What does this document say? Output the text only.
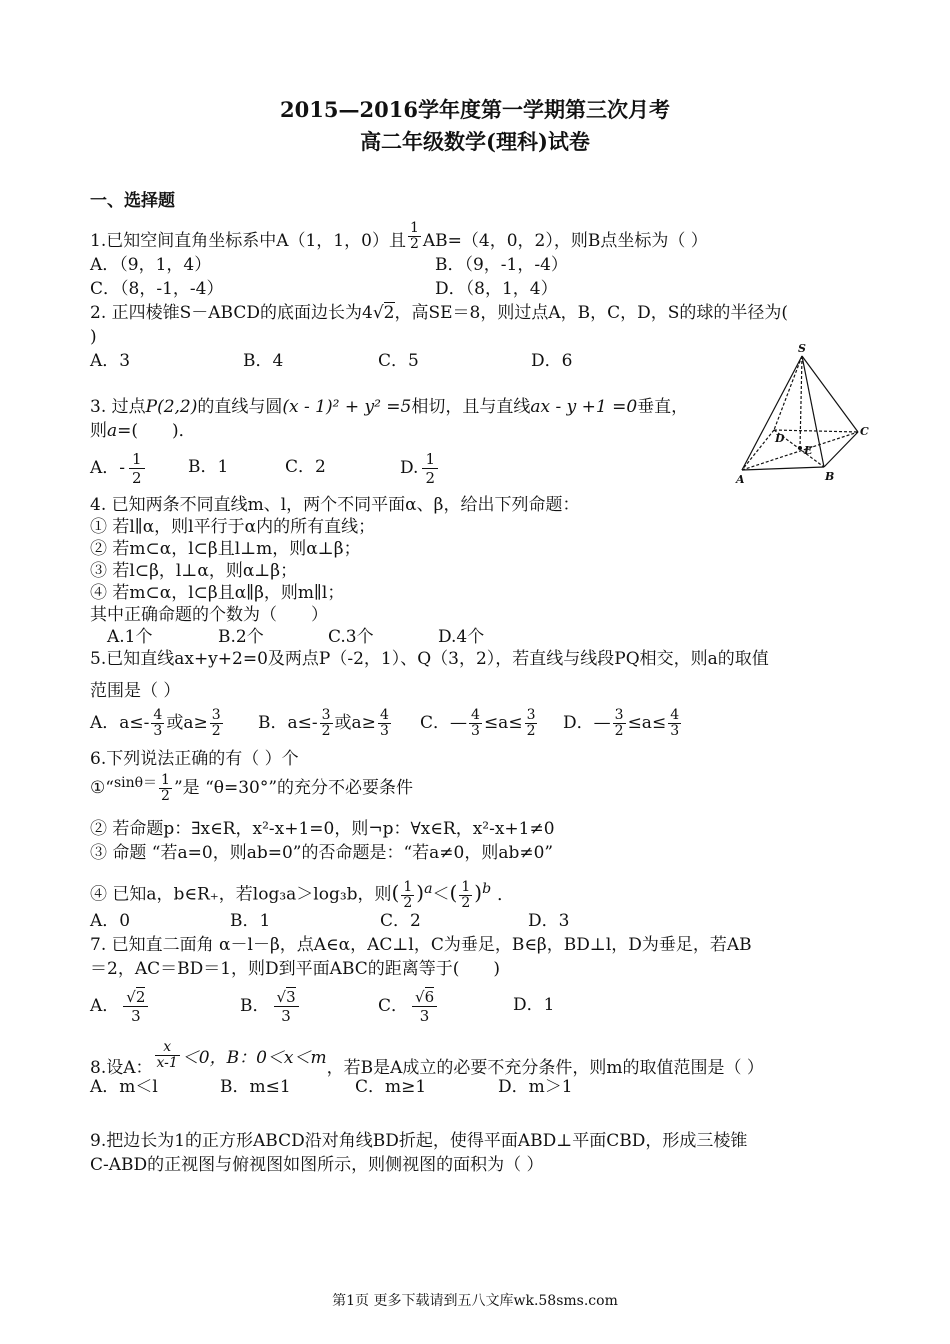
2015—2016学年度第一学期第三次月考
高二年级数学(理科)试卷
一、选择题
1.已知空间直角坐标系中A（1，1，0）且 $\frac{1}{2} AB=(4$，0，2），则B点坐标为（ ）
A．（9，1，4）	B．（9，-1，-4）
C．（8，-1，-4）	D．（8，1，4）
2. 正四棱锥S－ABCD的底面边长为4√2，高SE＝8，则过点A，B，C，D，S的球的半径为(
)
A．3	B．4	C．5	D．6
S
A	B
C
D
E
3. 过点P(2,2)的直线与圆(x - 1)² + y² =5相切，且与直线ax - y +1 =0垂直，
则a=(　　)．
A．- $\frac{1}{2}$	B．1	C．2	D. $\frac{1}{2}$
4. 已知两条不同直线m、l，两个不同平面α、β，给出下列命题：
① 若l∥α，则l平行于α内的所有直线；
② 若m⊂α，l⊂β且l⊥m，则α⊥β；
③ 若l⊂β，l⊥α，则α⊥β；
④ 若m⊂α，l⊂β且α∥β，则m∥l；
其中正确命题的个数为（　　）
A.1个	B.2个	C.3个	D.4个
5.已知直线ax+y+2=0及两点P（-2，1）、Q（3，2），若直线与线段PQ相交，则a的取值
范围是（ ）
A．$a\le- \frac{4}{3}$ 或$a\ge \frac{3}{2}$ B．$a\le- \frac{3}{2}$ 或$a\ge \frac{4}{3}$ C．— $\frac{4}{3} \le a\le \frac{3}{2}$ D．— $\frac{3}{2} \le a\le \frac{4}{3}$
6.下列说法正确的有（ ）个
①“$^{sin\theta=}$ $\frac{1}{2}$ ”是 “θ=30°”的充分不必要条件
② 若命题p：∃x∈R，x²-x+1=0，则¬p：∀x∈R，x²-x+1≠0
③ 命题 “若a=0，则ab=0”的否命题是：“若a≠0，则ab≠0”
④ 已知a，b∈R₊，若log₃a＞log₃b，则( $\frac{1}{2} )^a<( \frac{1}{2} )^b$ ．
A．0	B．1	C．2	D．3
7. 已知直二面角 α－l－β，点A∈α，AC⊥l，C为垂足，B∈β，BD⊥l，D为垂足，若AB
＝2，AC＝BD＝1，则D到平面ABC的距离等于(　　)
A． $\frac{√2}{3}$	B． $\frac{√3}{3}$	C． $\frac{√6}{3}$	D．1
8.设A： $\frac{x}{x-1} <0$，B：0＜x＜m，若B是A成立的必要不充分条件，则m的取值范围是（ ）
A．m＜l	B．m≤1	C．m≥1	D．m＞1
9.把边长为1的正方形ABCD沿对角线BD折起，使得平面ABD⊥平面CBD，形成三棱锥
C-ABD的正视图与俯视图如图所示，则侧视图的面积为（ ）
第1页 更多下载请到五八文库wk.58sms.com
